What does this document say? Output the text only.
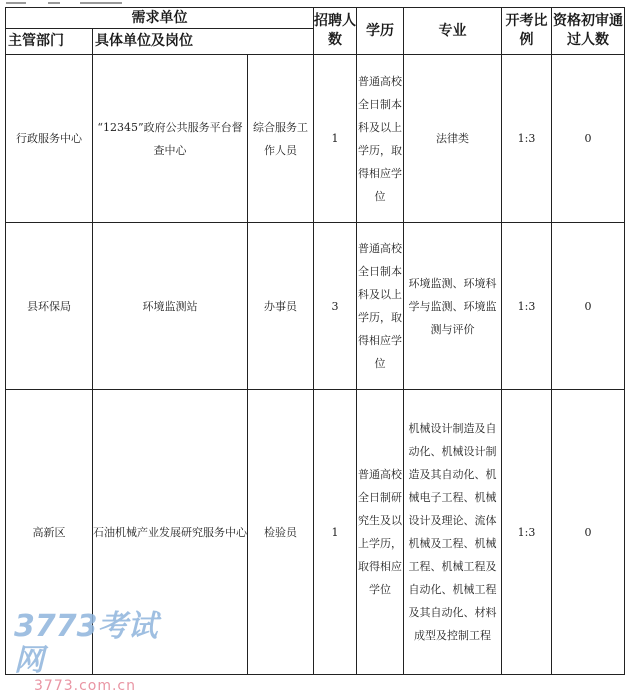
需求单位			招聘人数	学历	专业	开考比例	资格初审通过人数
主管部门	具体单位及岗位						
行政服务中心	“12345”政府公共服务平台督查中心	综合服务工作人员	1	普通高校全日制本科及以上学历，取得相应学位	法律类	1:3	0
县环保局	环境监测站	办事员	3	普通高校全日制本科及以上学历，取得相应学位	环境监测、环境科学与监测、环境监测与评价	1:3	0
高新区	石油机械产业发展研究服务中心	检验员	1	普通高校全日制研究生及以上学历，取得相应学位	机械设计制造及自动化、机械设计制造及其自动化、机械电子工程、机械设计及理论、流体机械及工程、机械工程、机械工程及自动化、机械工程及其自动化、材料成型及控制工程	1:3	0
3773考试网
3773.com.cn
